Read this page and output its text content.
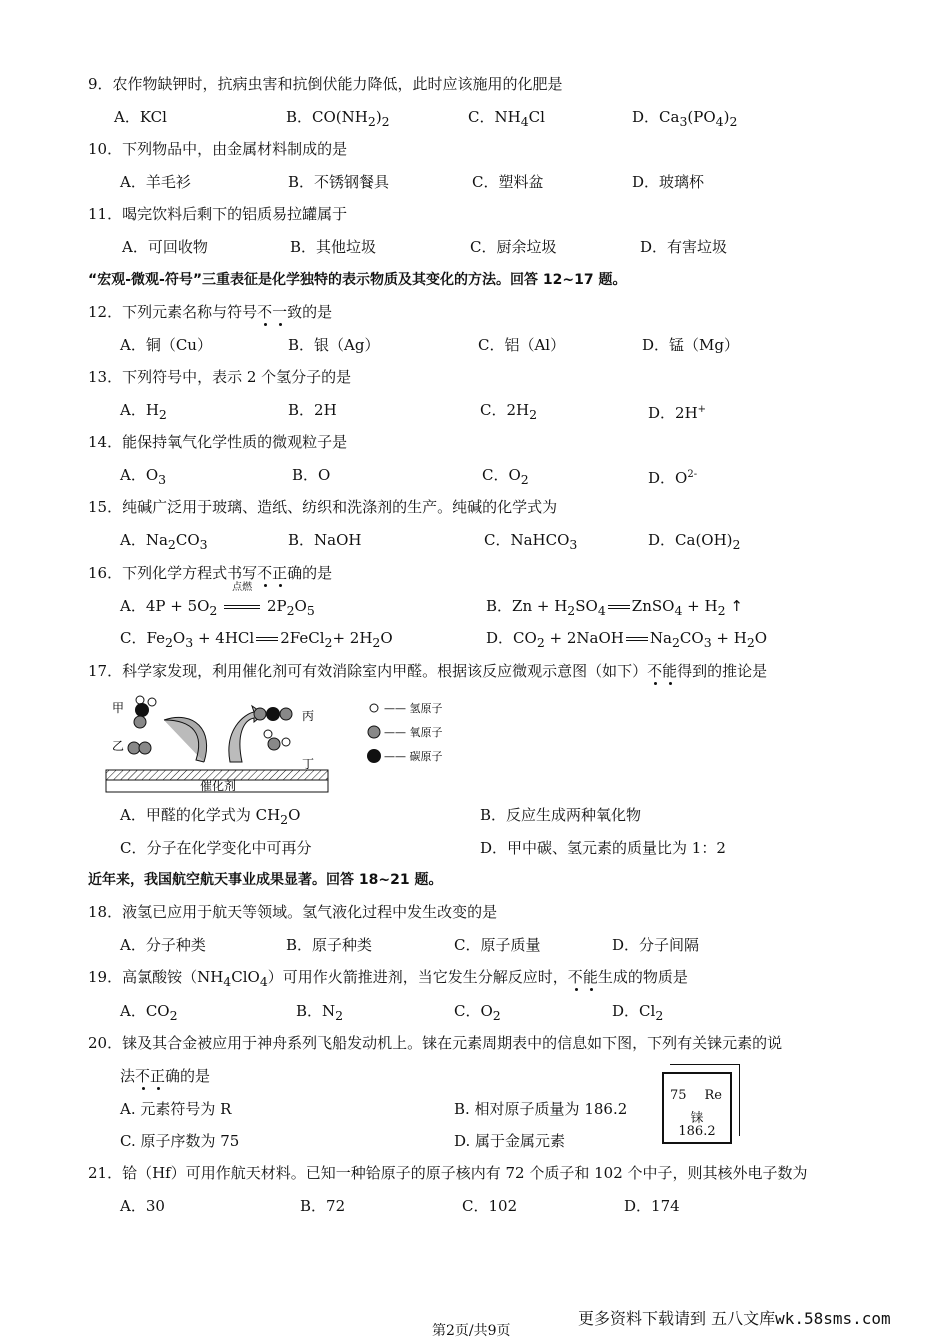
9．农作物缺钾时，抗病虫害和抗倒伏能力降低，此时应该施用的化肥是
A．KCl	B．$CO(NH_2)_2$	C．$NH_4Cl$	D．$Ca_3(PO_4)_2$
10．下列物品中，由金属材料制成的是
A．羊毛衫	B．不锈钢餐具	C．塑料盆	D．玻璃杯
11．喝完饮料后剩下的铝质易拉罐属于
A．可回收物	B．其他垃圾	C．厨余垃圾	D．有害垃圾
“宏观-微观-符号”三重表征是化学独特的表示物质及其变化的方法。回答 12~17 题。
12．下列元素名称与符号不一致的是
A．铜（Cu）	B．银（Ag）	C．铝（Al）	D．锰（Mg）
13．下列符号中，表示 2 个氢分子的是
A．$H_2$	B．2H	C．$2H_2$	D．2H+
14．能保持氧气化学性质的微观粒子是
A．$O_3$	B．O	C．$O_2$	D．$O^{2-}$
15．纯碱广泛用于玻璃、造纸、纺织和洗涤剂的生产。纯碱的化学式为
A．$Na_2CO_3$	B．NaOH	C．NaHCO$_3$	D．$Ca(OH)_2$
16．下列化学方程式书写不正确的是
A．$4P + 5O_2$
点燃
$2P_2O_5$	B．$Zn + H_2SO_4$ ZnSO$_4$ + $H_2$ ↑
C．$Fe_2O_3 + 4HCl$ 2FeCl$_2$+ $2H_2O$	D．$CO_2$ + 2NaOH $Na_2CO_3 + H_2O$
17．科学家发现，利用催化剂可有效消除室内甲醛。根据该反应微观示意图（如下）不能得到的推论是
催化剂
甲
乙
丙
丁
—— 氢原子
—— 氧原子
—— 碳原子
A．甲醛的化学式为 $CH_2O$	B．反应生成两种氧化物
C．分子在化学变化中可再分	D．甲中碳、氢元素的质量比为 1：2
近年来，我国航空航天事业成果显著。回答 18~21 题。
18．液氢已应用于航天等领域。氢气液化过程中发生改变的是
A．分子种类	B．原子种类	C．原子质量	D．分子间隔
19．高氯酸铵$(NH_4ClO_4)$可用作火箭推进剂，当它发生分解反应时，不能生成的物质是
A．$CO_2$	B．$N_2$	C．$O_2$	D．$Cl_2$
20．铼及其合金被应用于神舟系列飞船发动机上。铼在元素周期表中的信息如下图，下列有关铼元素的说
法不正确的是
A. 元素符号为 R	B. 相对原子质量为 186.2
C. 原子序数为 75	D. 属于金属元素
75 Re
铼
186.2
21．铪（Hf）可用作航天材料。已知一种铪原子的原子核内有 72 个质子和 102 个中子，则其核外电子数为
A．30	B．72	C．102	D．174
更多资料下载请到 五八文库wk.58sms.com
第2页/共9页
